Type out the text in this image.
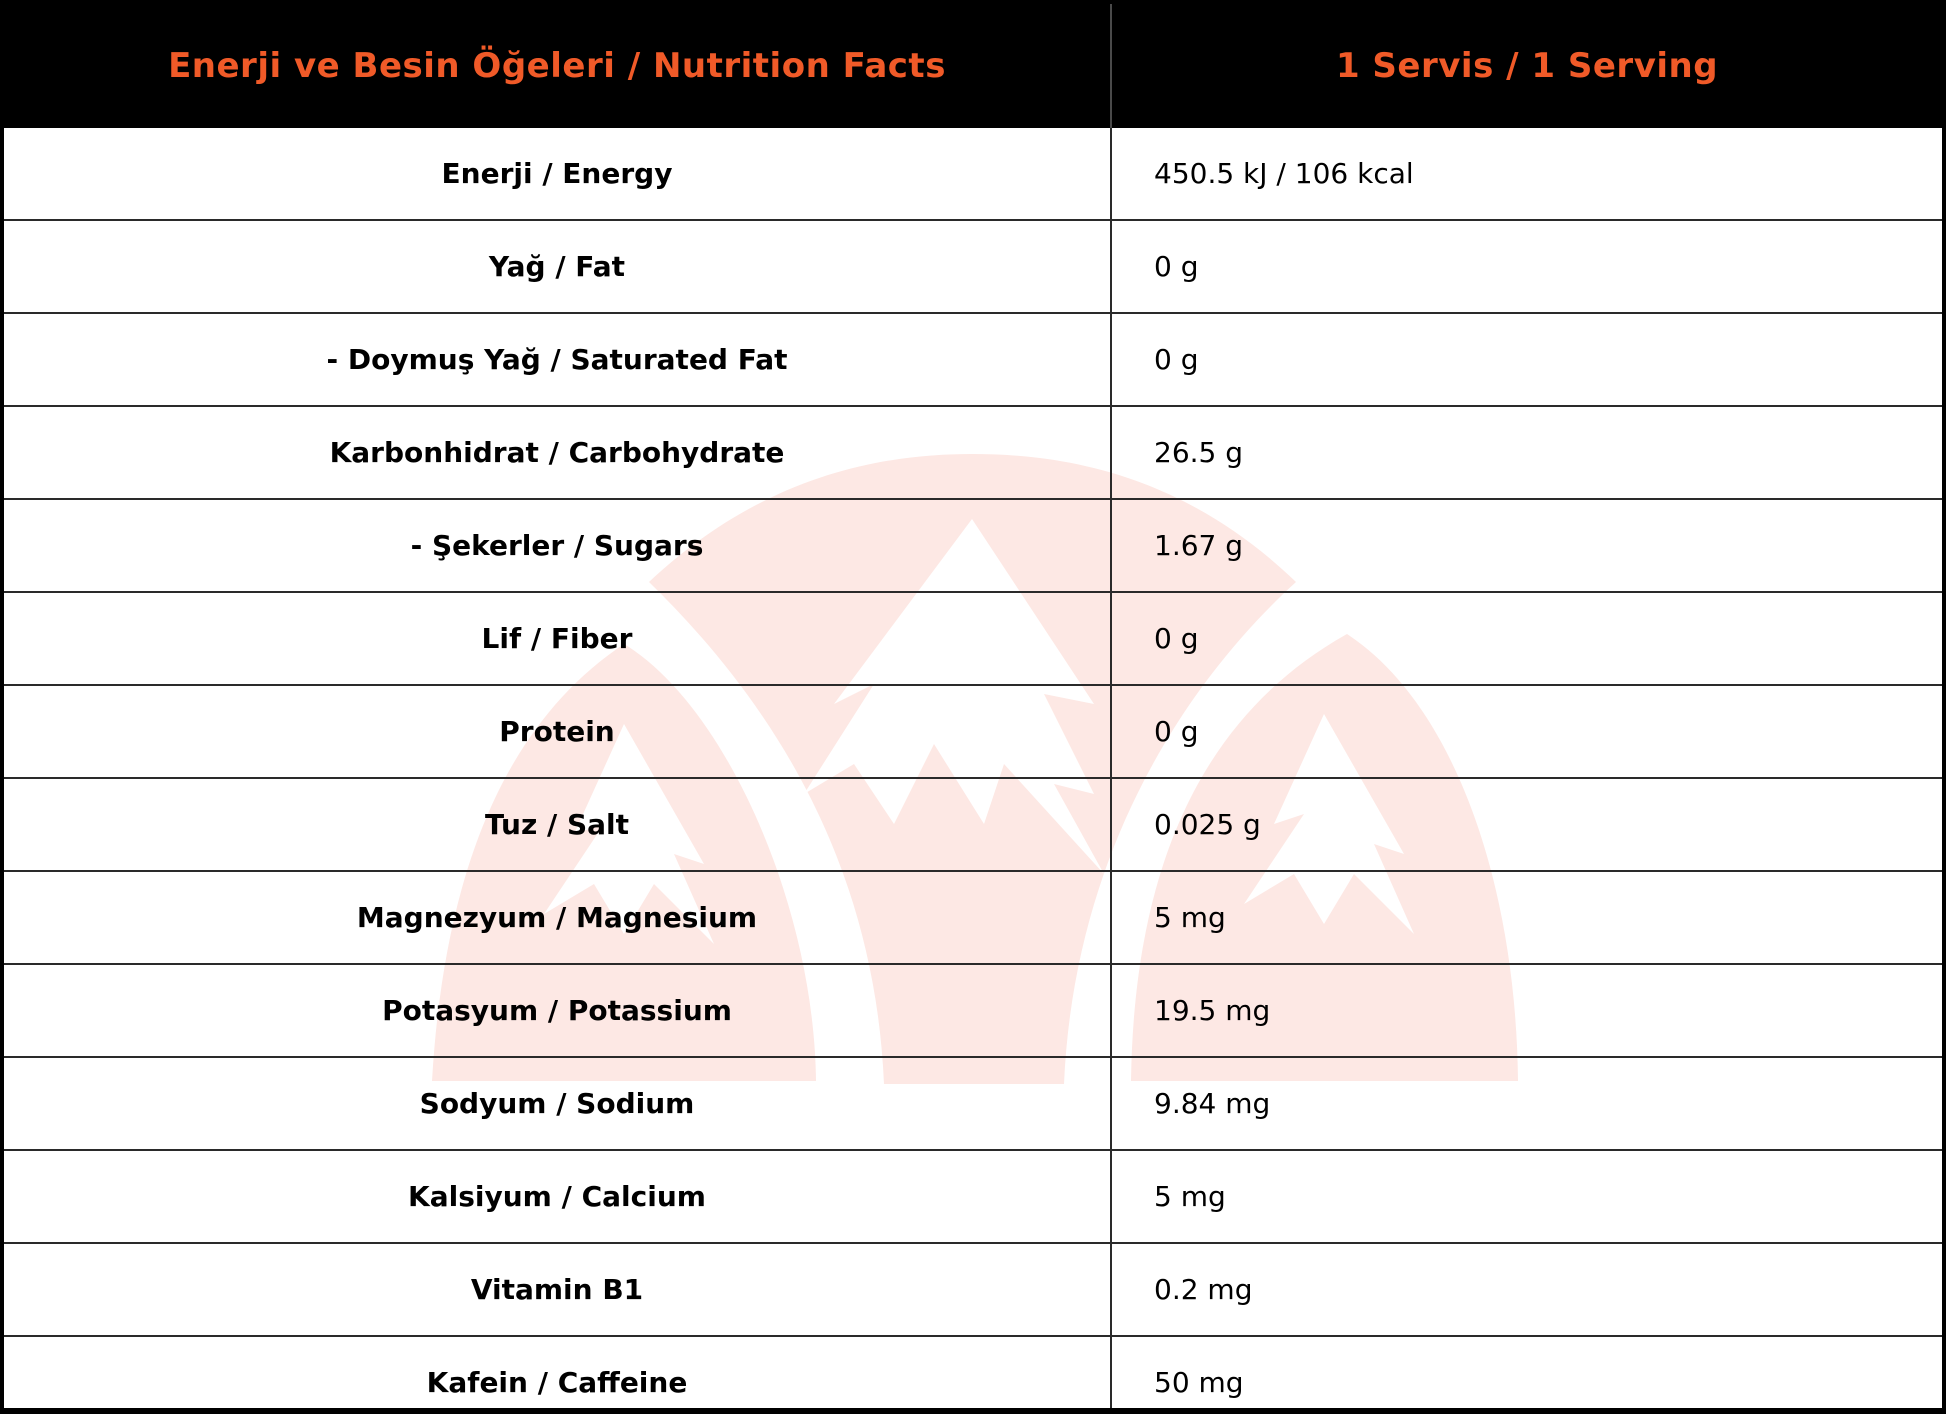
Enerji ve Besin Öğeleri / Nutrition Facts	1 Servis / 1 Serving
Enerji / Energy	450.5 kJ / 106 kcal
Yağ / Fat	0 g
- Doymuş Yağ / Saturated Fat	0 g
Karbonhidrat / Carbohydrate	26.5 g
- Şekerler / Sugars	1.67 g
Lif / Fiber	0 g
Protein	0 g
Tuz / Salt	0.025 g
Magnezyum / Magnesium	5 mg
Potasyum / Potassium	19.5 mg
Sodyum / Sodium	9.84 mg
Kalsiyum / Calcium	5 mg
Vitamin B1	0.2 mg
Kafein / Caffeine	50 mg
